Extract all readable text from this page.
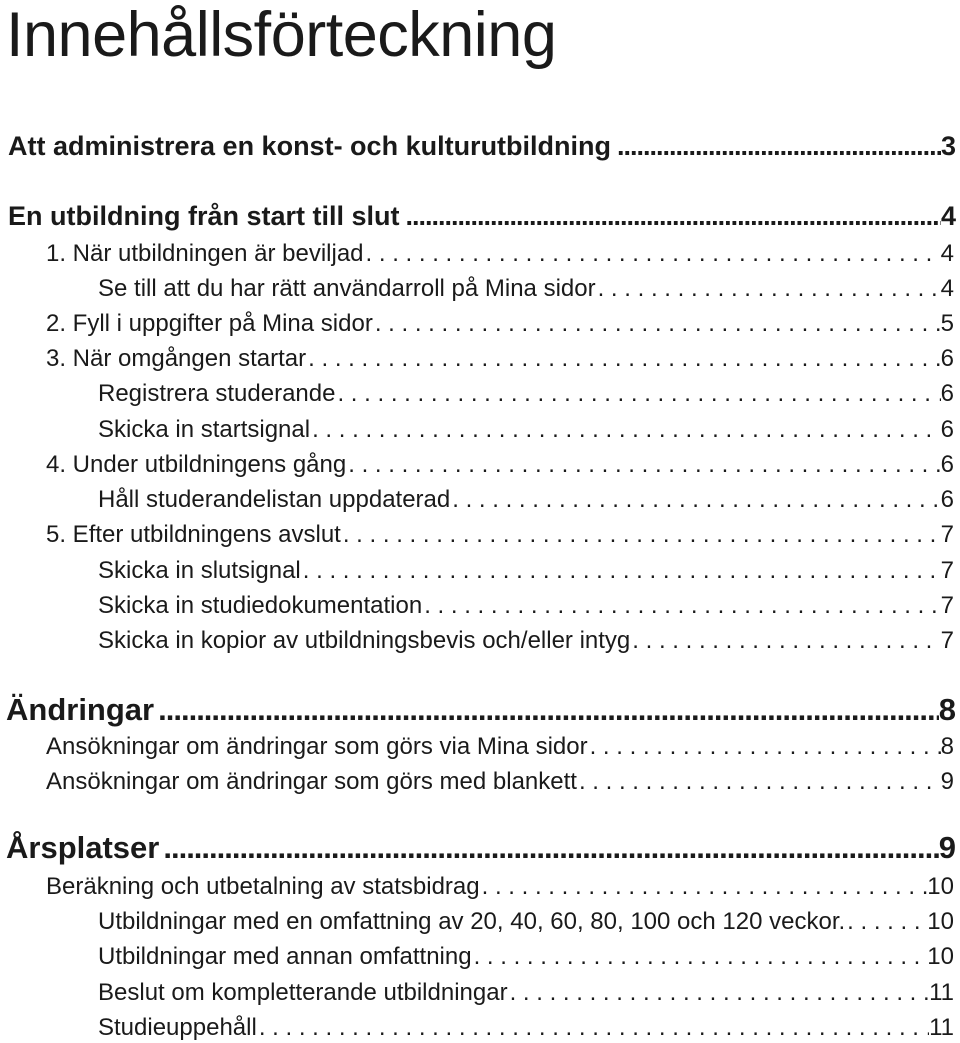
Innehållsförteckning
Att administrera en konst- och kulturutbildning .....	3
En utbildning från start till slut .....	4
1. När utbildningen är beviljad . . .	4
Se till att du har rätt användarroll på Mina sidor . . .	4
2. Fyll i uppgifter på Mina sidor . . .	5
3. När omgången startar . . .	6
Registrera studerande . . .	6
Skicka in startsignal . . .	6
4. Under utbildningens gång . . .	6
Håll studerandelistan uppdaterad . . .	6
5. Efter utbildningens avslut . . .	7
Skicka in slutsignal . . .	7
Skicka in studiedokumentation . . .	7
Skicka in kopior av utbildningsbevis och/eller intyg . . .	7
Ändringar .....	8
Ansökningar om ändringar som görs via Mina sidor . . .	8
Ansökningar om ändringar som görs med blankett . . .	9
Årsplatser .....	9
Beräkning och utbetalning av statsbidrag . . .	10
Utbildningar med en omfattning av 20, 40, 60, 80, 100 och 120 veckor. . . .	10
Utbildningar med annan omfattning . . .	10
Beslut om kompletterande utbildningar . . .	11
Studieuppehåll . . .	11
